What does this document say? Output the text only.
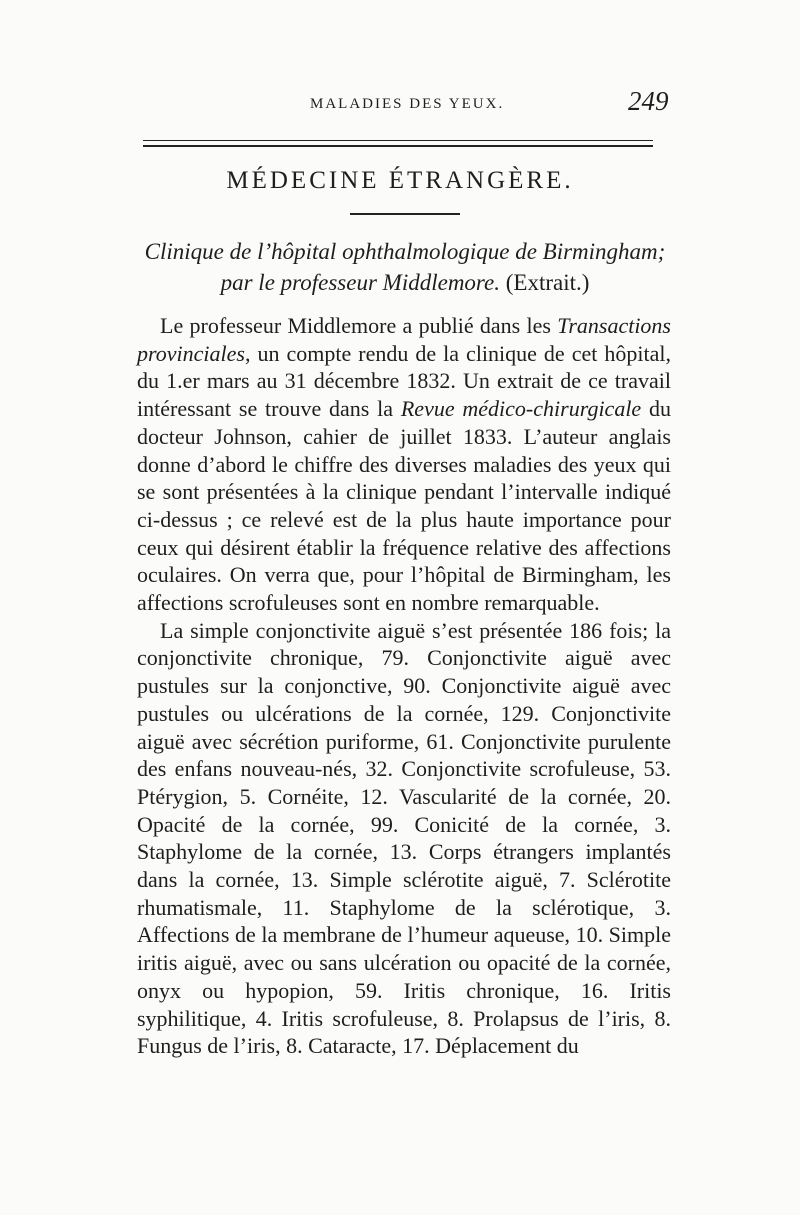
MALADIES DES YEUX.	249
MÉDECINE ÉTRANGÈRE.
Clinique de l’hôpital ophthalmologique de Birmingham;
par le professeur Middlemore. (Extrait.)

Le professeur Middlemore a publié dans les Transactions provinciales, un compte rendu de la clinique de cet hôpital, du 1.er mars au 31 décembre 1832. Un extrait de ce travail intéressant se trouve dans la Revue médico-chirurgicale du docteur Johnson, cahier de juillet 1833. L’auteur anglais donne d’abord le chiffre des diverses maladies des yeux qui se sont présentées à la clinique pendant l’intervalle indiqué ci-dessus ; ce relevé est de la plus haute importance pour ceux qui désirent établir la fréquence relative des affections oculaires. On verra que, pour l’hôpital de Birmingham, les affections scrofuleuses sont en nombre remarquable.

La simple conjonctivite aiguë s’est présentée 186 fois; la conjonctivite chronique, 79. Conjonctivite aiguë avec pustules sur la conjonctive, 90. Conjonctivite aiguë avec pustules ou ulcérations de la cornée, 129. Conjonctivite aiguë avec sécrétion puriforme, 61. Conjonctivite purulente des enfans nouveau-nés, 32. Conjonctivite scrofuleuse, 53. Ptérygion, 5. Cornéite, 12. Vascularité de la cornée, 20. Opacité de la cornée, 99. Conicité de la cornée, 3. Staphylome de la cornée, 13. Corps étrangers implantés dans la cornée, 13. Simple sclérotite aiguë, 7. Sclérotite rhumatismale, 11. Staphylome de la sclérotique, 3. Affections de la membrane de l’humeur aqueuse, 10. Simple iritis aiguë, avec ou sans ulcération ou opacité de la cornée, onyx ou hypopion, 59. Iritis chronique, 16. Iritis syphilitique, 4. Iritis scrofuleuse, 8. Prolapsus de l’iris, 8. Fungus de l’iris, 8. Cataracte, 17. Déplacement du
